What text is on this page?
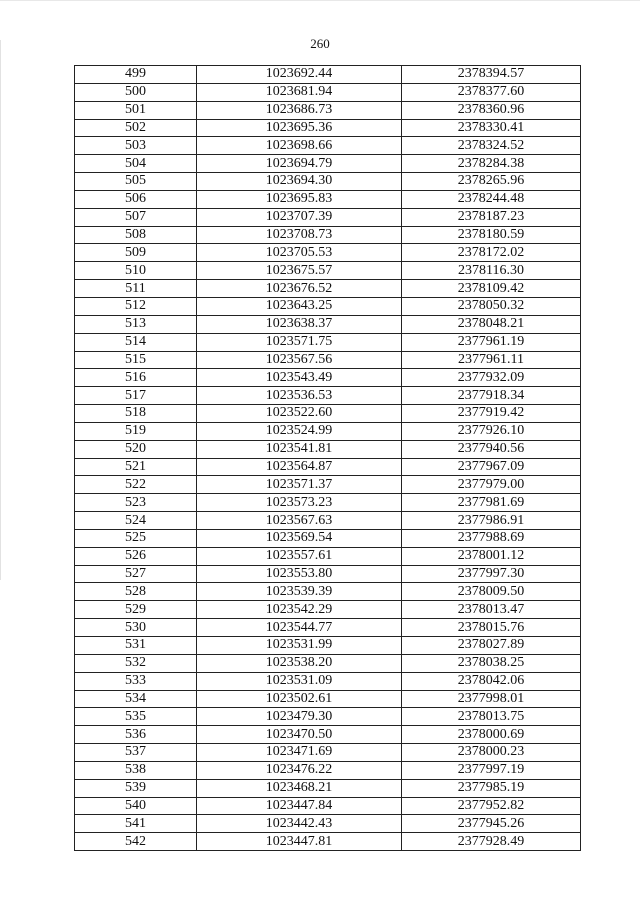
260
499	1023692.44	2378394.57
500	1023681.94	2378377.60
501	1023686.73	2378360.96
502	1023695.36	2378330.41
503	1023698.66	2378324.52
504	1023694.79	2378284.38
505	1023694.30	2378265.96
506	1023695.83	2378244.48
507	1023707.39	2378187.23
508	1023708.73	2378180.59
509	1023705.53	2378172.02
510	1023675.57	2378116.30
511	1023676.52	2378109.42
512	1023643.25	2378050.32
513	1023638.37	2378048.21
514	1023571.75	2377961.19
515	1023567.56	2377961.11
516	1023543.49	2377932.09
517	1023536.53	2377918.34
518	1023522.60	2377919.42
519	1023524.99	2377926.10
520	1023541.81	2377940.56
521	1023564.87	2377967.09
522	1023571.37	2377979.00
523	1023573.23	2377981.69
524	1023567.63	2377986.91
525	1023569.54	2377988.69
526	1023557.61	2378001.12
527	1023553.80	2377997.30
528	1023539.39	2378009.50
529	1023542.29	2378013.47
530	1023544.77	2378015.76
531	1023531.99	2378027.89
532	1023538.20	2378038.25
533	1023531.09	2378042.06
534	1023502.61	2377998.01
535	1023479.30	2378013.75
536	1023470.50	2378000.69
537	1023471.69	2378000.23
538	1023476.22	2377997.19
539	1023468.21	2377985.19
540	1023447.84	2377952.82
541	1023442.43	2377945.26
542	1023447.81	2377928.49
